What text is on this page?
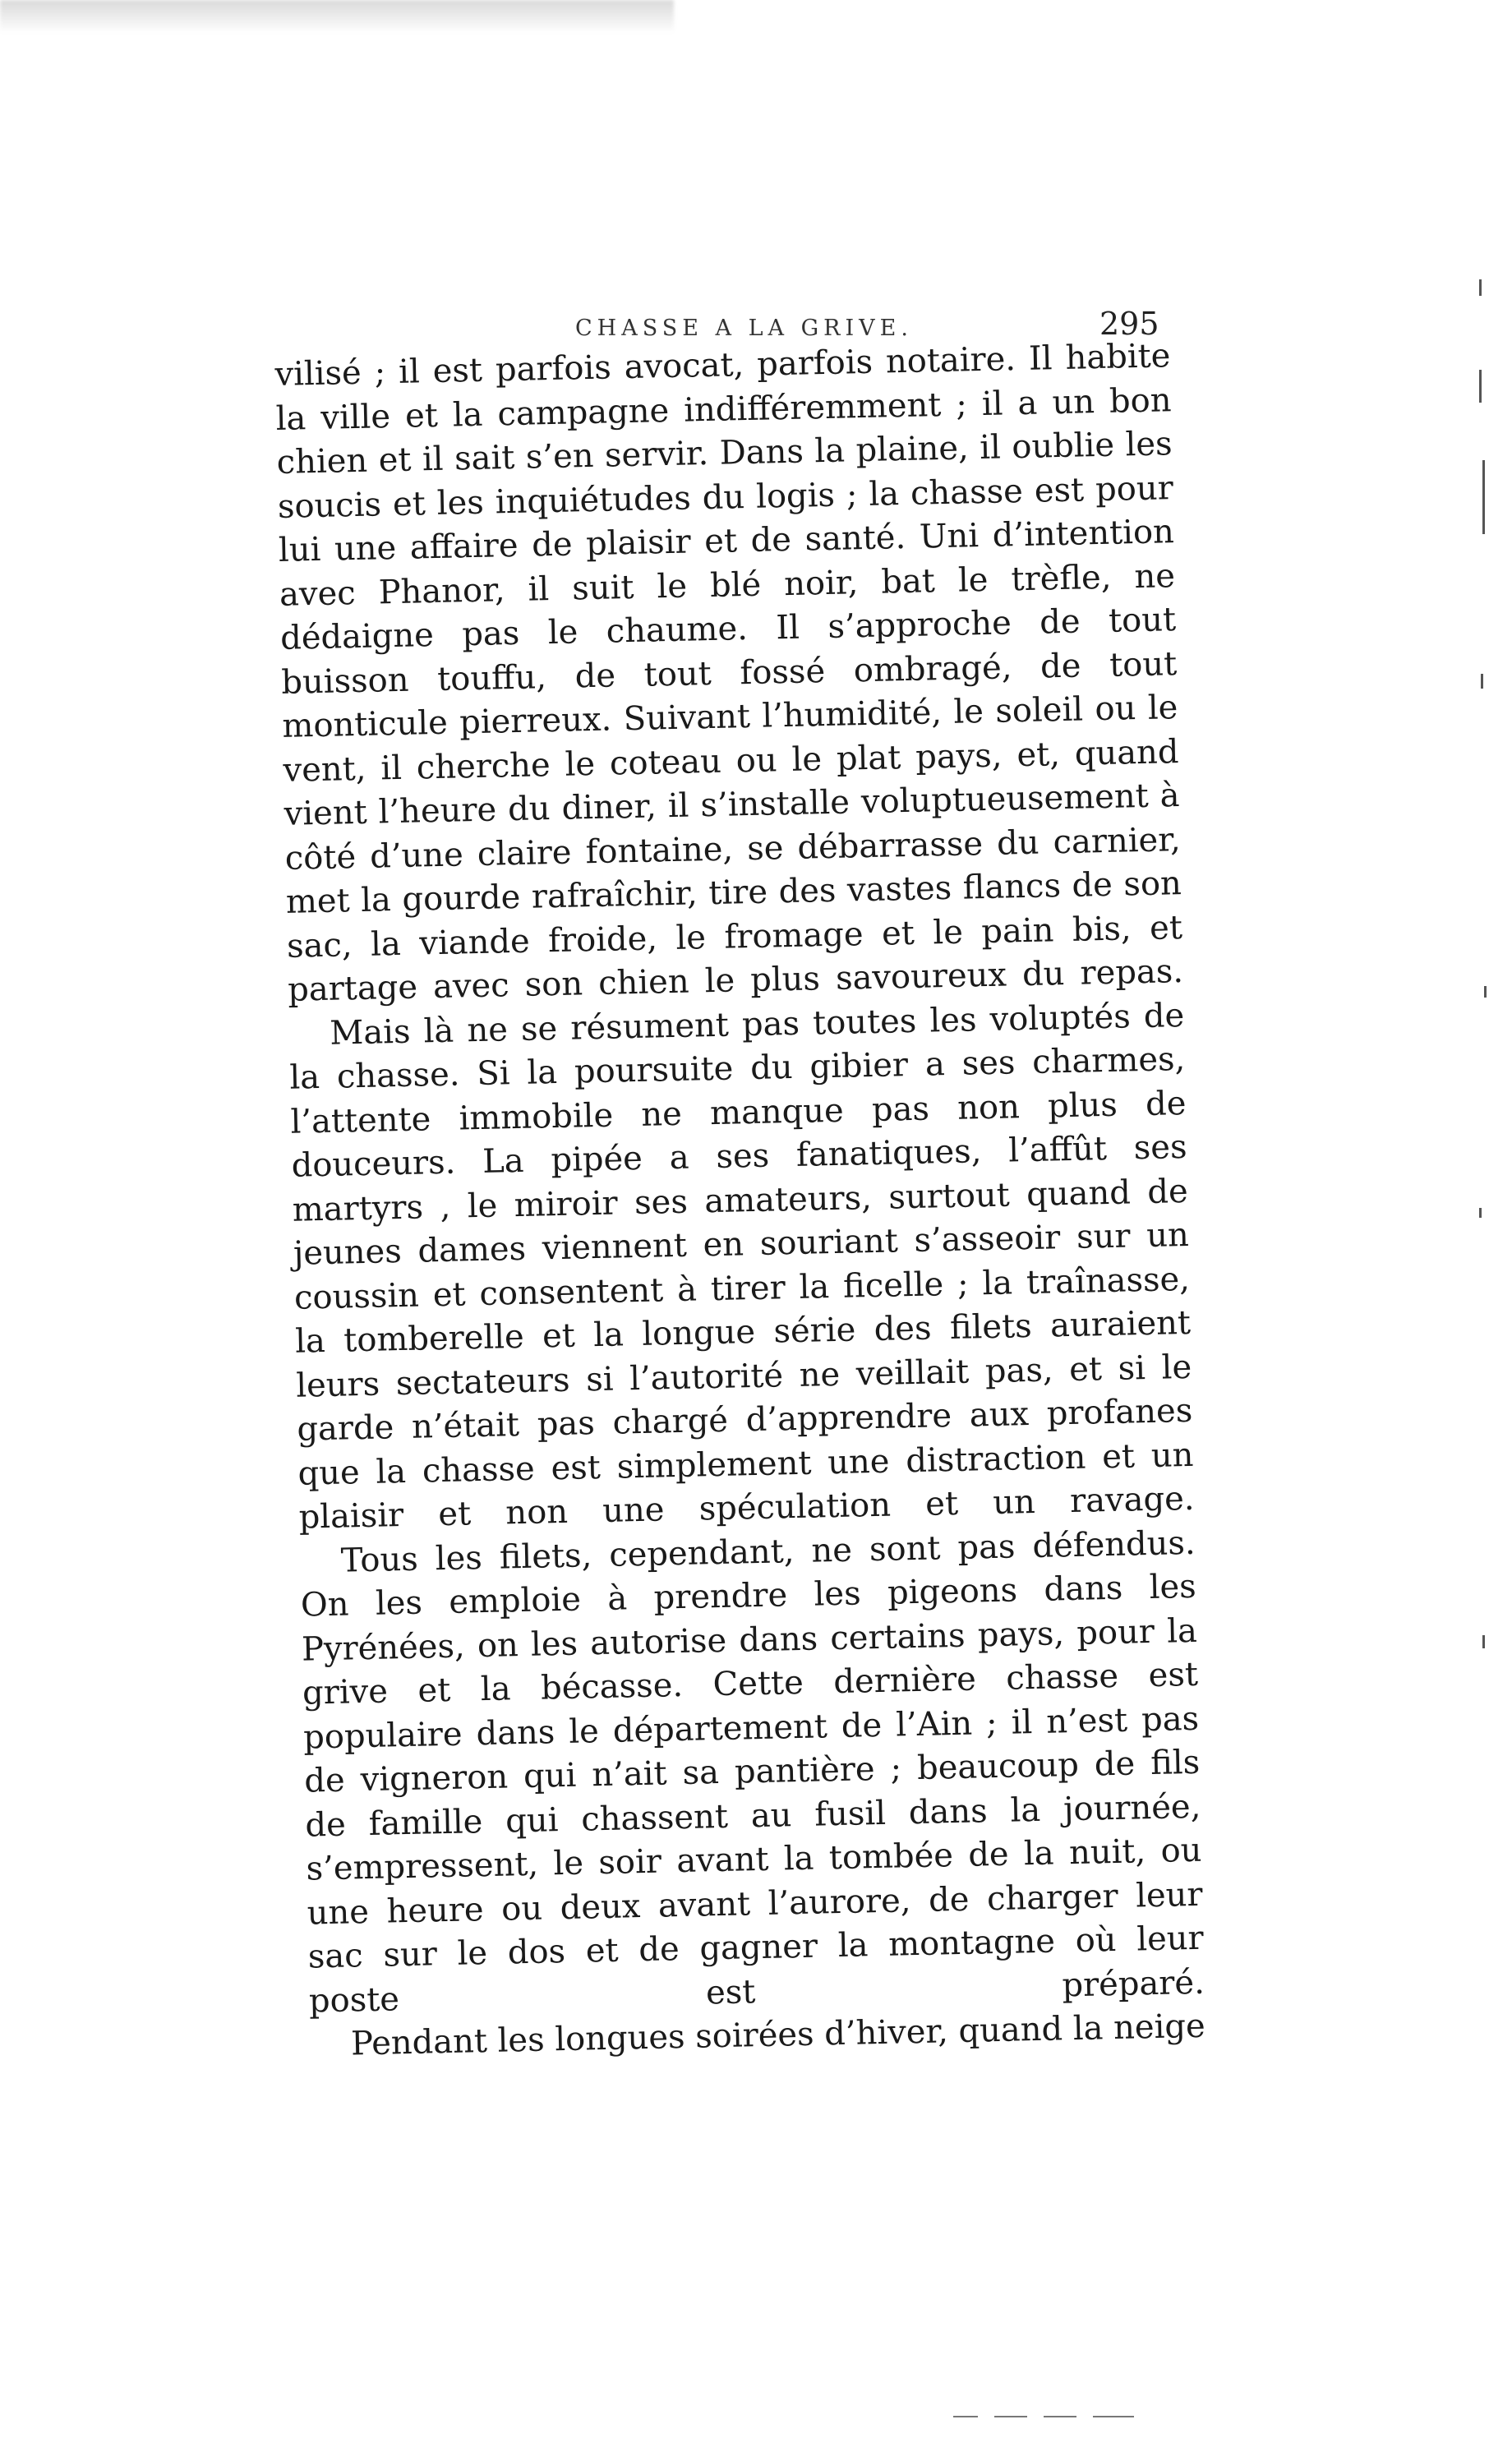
CHASSE A LA GRIVE.	295

vilisé ; il est parfois avocat, parfois notaire. Il habite la ville et la campagne indifféremment ; il a un bon chien et il sait s’en servir. Dans la plaine, il oublie les soucis et les inquiétudes du logis ; la chasse est pour lui une affaire de plaisir et de santé. Uni d’intention avec Phanor, il suit le blé noir, bat le trèfle, ne dédaigne pas le chaume. Il s’approche de tout buisson touffu, de tout fossé ombragé, de tout monticule pierreux. Suivant l’humidité, le soleil ou le vent, il cherche le coteau ou le plat pays, et, quand vient l’heure du diner, il s’installe voluptueusement à côté d’une claire fontaine, se débarrasse du carnier, met la gourde rafraîchir, tire des vastes flancs de son sac, la viande froide, le fromage et le pain bis, et partage avec son chien le plus savoureux du repas.

Mais là ne se résument pas toutes les voluptés de la chasse. Si la poursuite du gibier a ses charmes, l’attente immobile ne manque pas non plus de douceurs. La pipée a ses fanatiques, l’affût ses martyrs , le miroir ses amateurs, surtout quand de jeunes dames viennent en souriant s’asseoir sur un coussin et consentent à tirer la ficelle ; la traînasse, la tomberelle et la longue série des filets auraient leurs sectateurs si l’autorité ne veillait pas, et si le garde n’était pas chargé d’apprendre aux profanes que la chasse est simplement une distraction et un plaisir et non une spéculation et un ravage.

Tous les filets, cependant, ne sont pas défendus. On les emploie à prendre les pigeons dans les Pyrénées, on les autorise dans certains pays, pour la grive et la bécasse. Cette dernière chasse est populaire dans le département de l’Ain ; il n’est pas de vigneron qui n’ait sa pantière ; beaucoup de fils de famille qui chassent au fusil dans la journée, s’empressent, le soir avant la tombée de la nuit, ou une heure ou deux avant l’aurore, de charger leur sac sur le dos et de gagner la montagne où leur poste est préparé.

Pendant les longues soirées d’hiver, quand la neige
